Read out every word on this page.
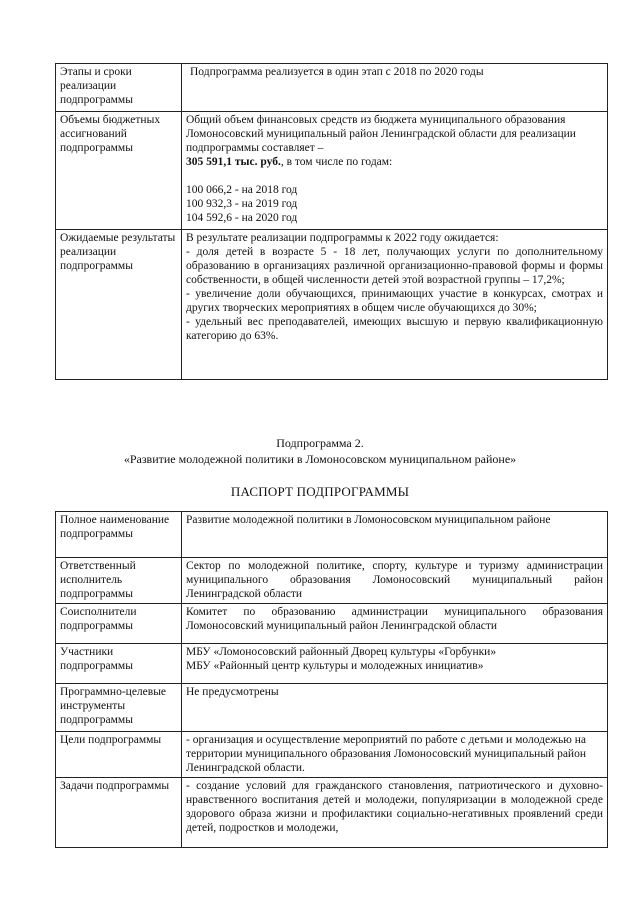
Этапы и сроки реализации подпрограммы	Подпрограмма реализуется в один этап с 2018 по 2020 годы
Объемы бюджетных ассигнований подпрограммы	Общий объем финансовых средств из бюджета муниципального образования Ломоносовский муниципальный район Ленинградской области для реализации подпрограммы составляет –

305 591,1 тыс. руб., в том числе по годам:

100 066,2 - на 2018 год

100 932,3 - на 2019 год

104 592,6 - на 2020 год

Ожидаемые результаты реализации подпрограммы	В результате реализации подпрограммы к 2022 году ожидается:

- доля детей в возрасте 5 - 18 лет, получающих услуги по дополнительному образованию в организациях различной организационно-правовой формы и формы собственности, в общей численности детей этой возрастной группы – 17,2%;

- увеличение доли обучающихся, принимающих участие в конкурсах, смотрах и других творческих мероприятиях в общем числе обучающихся до 30%;

- удельный вес преподавателей, имеющих высшую и первую квалификационную категорию до 63%.

Подпрограмма 2.
«Развитие молодежной политики в Ломоносовском муниципальном районе»
ПАСПОРТ ПОДПРОГРАММЫ
Полное наименование подпрограммы	Развитие молодежной политики в Ломоносовском муниципальном районе
Ответственный исполнитель подпрограммы	Сектор по молодежной политике, спорту, культуре и туризму администрации муниципального образования Ломоносовский муниципальный район Ленинградской области
Соисполнители подпрограммы	Комитет по образованию администрации муниципального образования Ломоносовский муниципальный район Ленинградской области
Участники подпрограммы	МБУ «Ломоносовский районный Дворец культуры «Горбунки»

МБУ «Районный центр культуры и молодежных инициатив»

Программно-целевые инструменты подпрограммы	Не предусмотрены
Цели подпрограммы	- организация и осуществление мероприятий по работе с детьми и молодежью на территории муниципального образования Ломоносовский муниципальный район Ленинградской области.
Задачи подпрограммы	- создание условий для гражданского становления, патриотического и духовно-нравственного воспитания детей и молодежи, популяризации в молодежной среде здорового образа жизни и профилактики социально-негативных проявлений среди детей, подростков и молодежи,
